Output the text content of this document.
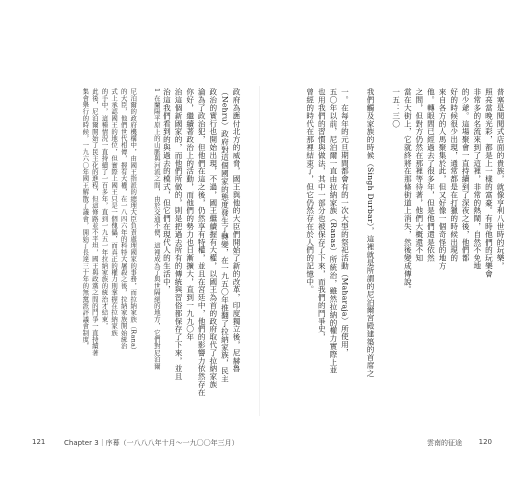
政府為應付北方的威脅，國王與他的大臣們開始了新的改革，印度獨立後，尼赫魯
（Nehru）政府對這個國家的態度發生了轉變，在一九五〇年推翻了拉納家族，民主
政治的實行也開始出現，不過，國王繼續握有大權，以國王為首的政府取代了拉納家族
淪為了政治犯，但他們在這之後，仍然享有特權，並且在宮廷中，他們的影響力依然存在
你好，繼續著政治上的活動，而他們的勢力也日漸擴大，直到一九九〇年
治這個新國家的，而他們所做的，則是把過去所有的傳統與習俗都保存了下來，並且
治這我們看到的與過去的模式，但它們在現代人的生活中，
1 在蘭陽平原上的山脈與河流之間，由於交通不便，這裡成為了與世隔絕的地方，它們對尼泊爾
尼泊爾的政府機構中，由國王指派的總理大臣負責處理國家的事務，而拉納家族（Rana）
的大臣，他們世代相傳，握有大權，在一八四六年的科特大屠殺之後，拉納家族開始統治
式上承認國王的地位，但實際上國王只是一個傀儡，而真正的權力則掌握在拉納家族
的手中，這種情況一直持續了一百多年，直到一九五一年拉納家族的統治才結束，
此後，尼泊爾開始了民主化的進程，但這條路並不平坦，國王與政黨之間的鬥爭一直持續著
集會舉行的時候，一九六〇年國王解散了議會，開始了長達三十年的無黨派評議會制度，
121	Chapter 3｜序幕（一八八八年十月～一九〇〇年三月）
普塞是閱閱式店面的貴族，就像亨利八世時的玩樂，
照亮當晚光彩，都是上一樣的富豪。有時他們的玩樂會
非常多的名流來到了這裡，非常的熱鬧，自然不免地
的少爺。這場聚會一直持續到了深夜之後，他們都
好的時候很少出現，通常都是在打獵的時候出現的
來自各方的人馬聚集於此，但又好像一個奇怪的地方
他。轉眼間已經過去了很多年，但是他們還是依然
之間，但對方仍然在那裡等待著，他們大概還不知
當在大街上，它就終將在那條街道上消失，然後變成傳說。
一五：三〇
我們觸及家族的時候（Singh Durbar），這裡就是所謂的尼泊爾宮殿建築的首席之
一。在每年的元旦期間都會有的一次大型的祭祀活動（Maharaja）所使用，
五〇年以前，尼泊爾一直由拉納家族（Ranas）所統治，雖然拉納的權力實際上並
也用我們的習慣與做法，其中一部分也被保存了下來，而我們的鬥爭史，
曾經的時代在那裡結束了，但它仍然存在於人們的記憶中。
雲南的征途 120
